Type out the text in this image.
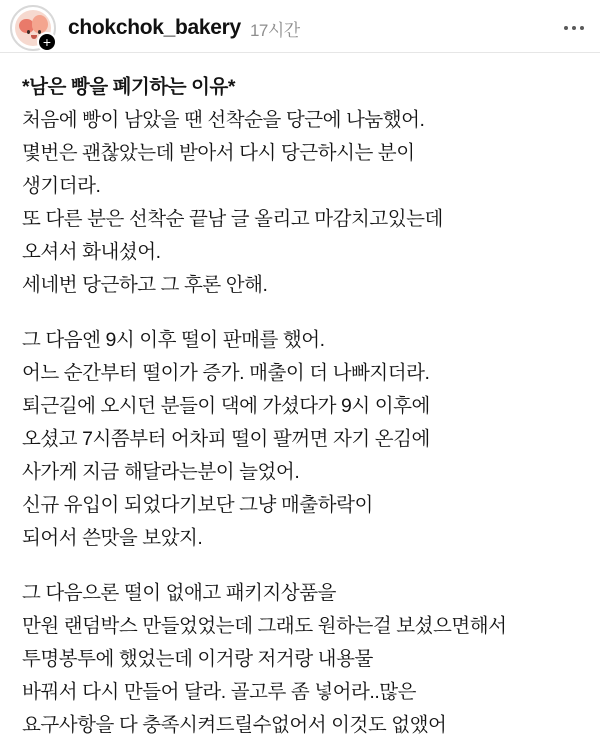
+
chokchok_bakery 17시간
*남은 빵을 폐기하는 이유*
처음에 빵이 남았을 땐 선착순을 당근에 나눔했어.
몇번은 괜찮았는데 받아서 다시 당근하시는 분이
생기더라.
또 다른 분은 선착순 끝남 글 올리고 마감치고있는데
오셔서 화내셨어.
세네번 당근하고 그 후론 안해.
그 다음엔 9시 이후 떨이 판매를 했어.
어느 순간부터 떨이가 증가. 매출이 더 나빠지더라.
퇴근길에 오시던 분들이 댁에 가셨다가 9시 이후에
오셨고 7시쯤부터 어차피 떨이 팔꺼면 자기 온김에
사가게 지금 해달라는분이 늘었어.
신규 유입이 되었다기보단 그냥 매출하락이
되어서 쓴맛을 보았지.
그 다음으론 떨이 없애고 패키지상품을
만원 랜덤박스 만들었었는데 그래도 원하는걸 보셨으면해서
투명봉투에 했었는데 이거랑 저거랑 내용물
바꿔서 다시 만들어 달라. 골고루 좀 넣어라..많은
요구사항을 다 충족시켜드릴수없어서 이것도 없앴어
